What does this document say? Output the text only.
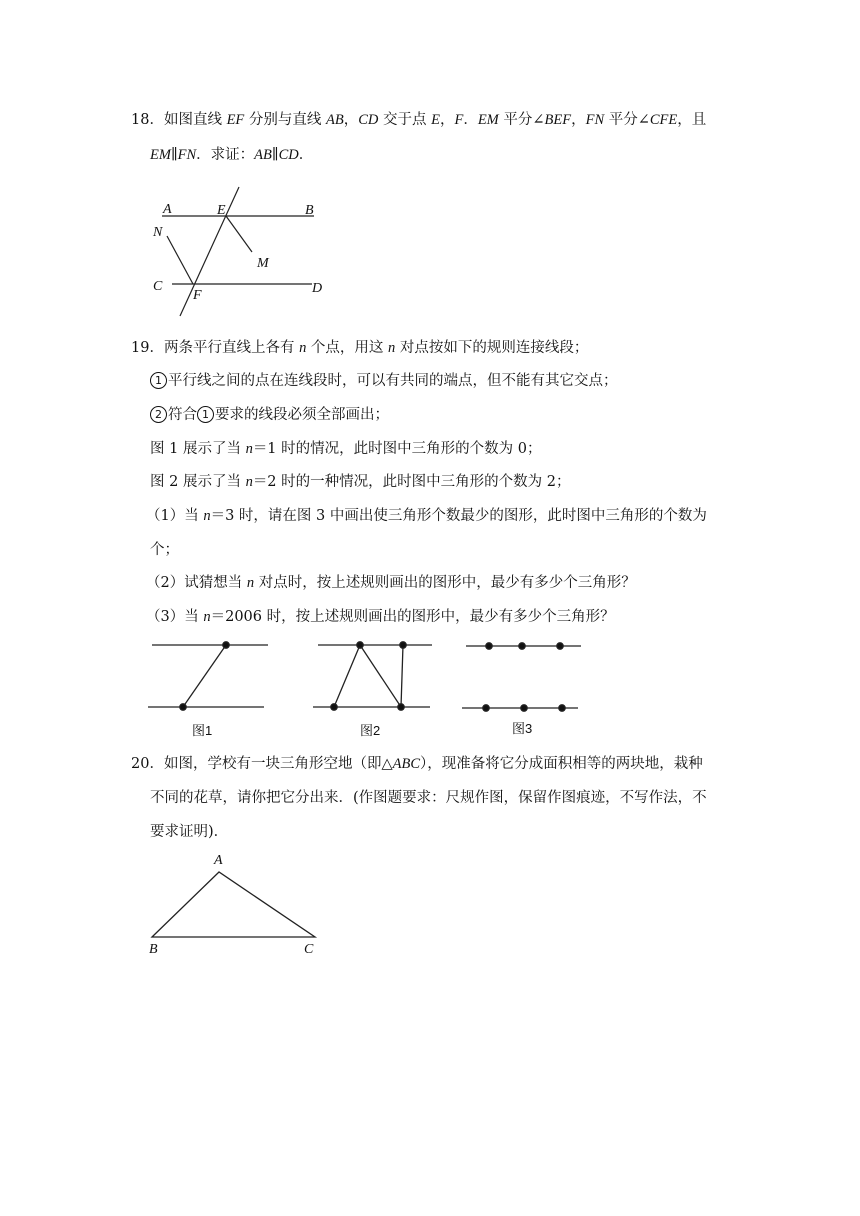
18．如图直线 EF 分别与直线 AB，CD 交于点 E，F．EM 平分∠BEF，FN 平分∠CFE，且
EM∥FN．求证：AB∥CD．
A	E	B
N
M
C
F	D
19．两条平行直线上各有 n 个点，用这 n 对点按如下的规则连接线段；
1 平行线之间的点在连线段时，可以有共同的端点，但不能有其它交点；
2 符合 1 要求的线段必须全部画出；
图 1 展示了当 n＝1 时的情况，此时图中三角形的个数为 0；
图 2 展示了当 n＝2 时的一种情况，此时图中三角形的个数为 2；
（1）当 n＝3 时，请在图 3 中画出使三角形个数最少的图形，此时图中三角形的个数为
个；
（2）试猜想当 n 对点时，按上述规则画出的图形中，最少有多少个三角形？
（3）当 n＝2006 时，按上述规则画出的图形中，最少有多少个三角形？
图1	图2	图3
20．如图，学校有一块三角形空地（即△ABC），现准备将它分成面积相等的两块地，栽种
不同的花草，请你把它分出来．(作图题要求：尺规作图，保留作图痕迹，不写作法，不
要求证明)．
A
B	C
